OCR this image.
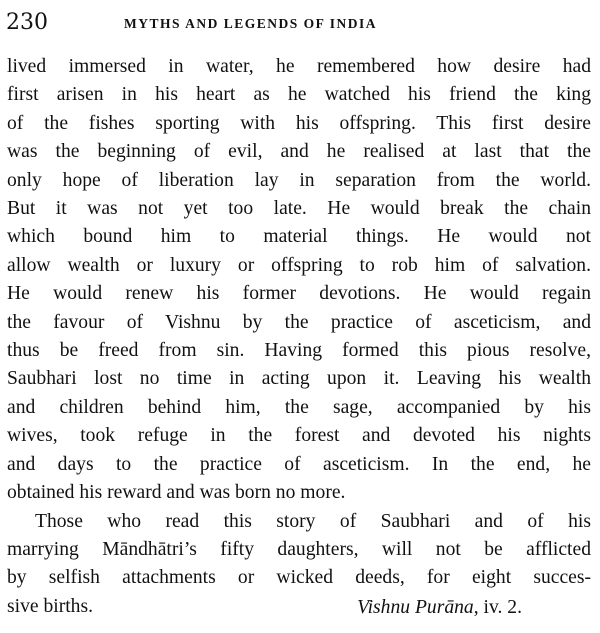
230	MYTHS AND LEGENDS OF INDIA
lived immersed in water, he remembered how desire had
first arisen in his heart as he watched his friend the king
of the fishes sporting with his offspring. This first desire
was the beginning of evil, and he realised at last that the
only hope of liberation lay in separation from the world.
But it was not yet too late. He would break the chain
which bound him to material things. He would not
allow wealth or luxury or offspring to rob him of salvation.
He would renew his former devotions. He would regain
the favour of Vishnu by the practice of asceticism, and
thus be freed from sin. Having formed this pious resolve,
Saubhari lost no time in acting upon it. Leaving his wealth
and children behind him, the sage, accompanied by his
wives, took refuge in the forest and devoted his nights
and days to the practice of asceticism. In the end, he
obtained his reward and was born no more.
Those who read this story of Saubhari and of his
marrying Māndhātri’s fifty daughters, will not be afflicted
by selfish attachments or wicked deeds, for eight succes-
sive births.	Vishnu Purāna, iv. 2.
